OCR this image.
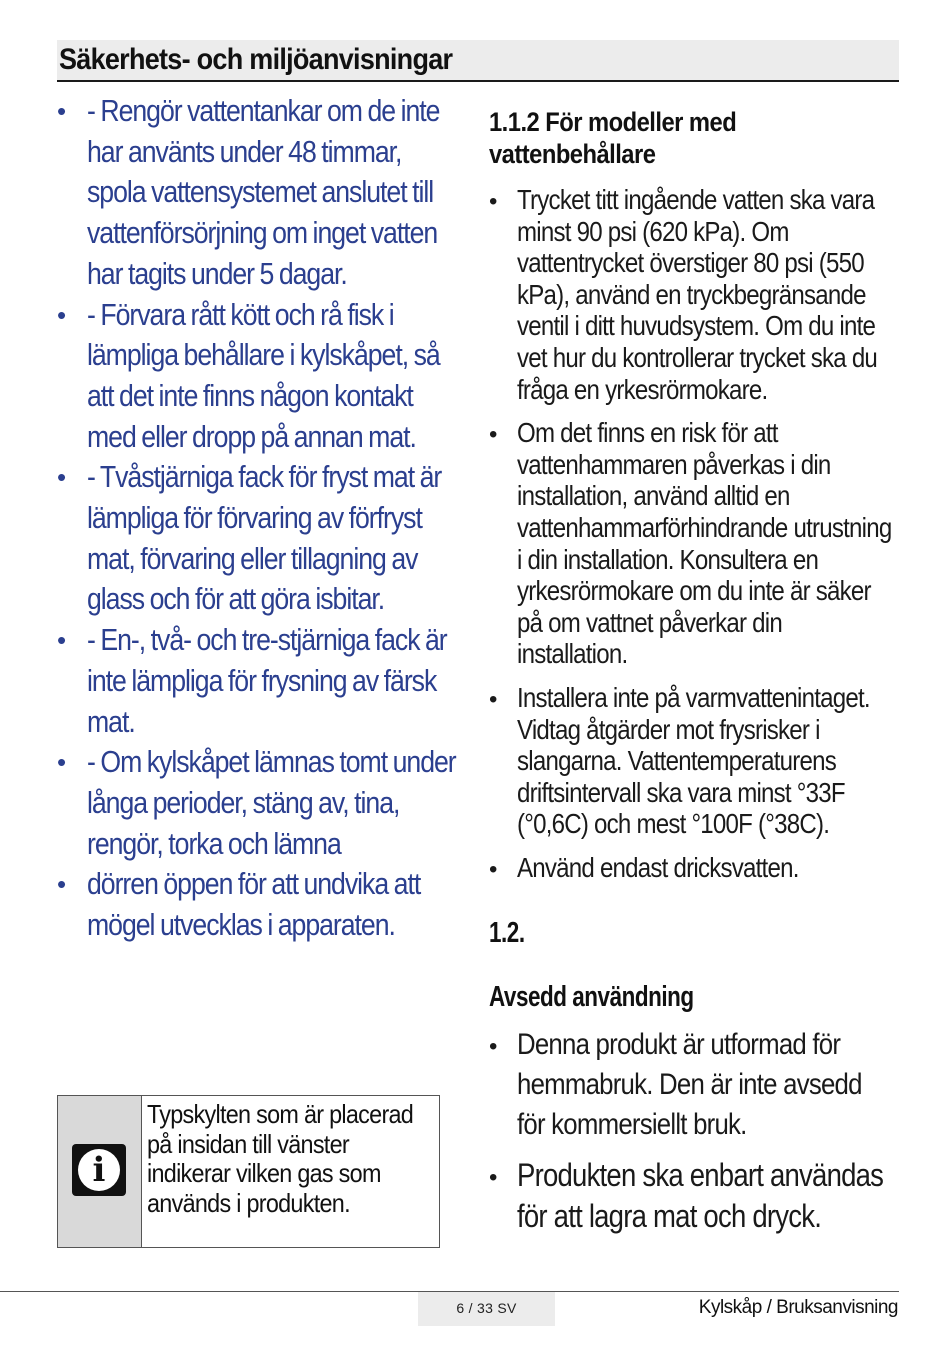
Säkerhets- och miljöanvisningar
• - Rengör vattentankar om de inte har använts under 48 timmar, spola vattensystemet anslutet till vattenförsörjning om inget vatten har tagits under 5 dagar.
• - Förvara rått kött och rå fisk i lämpliga behållare i kylskåpet, så att det inte finns någon kontakt med eller dropp på annan mat.
• - Tvåstjärniga fack för fryst mat är lämpliga för förvaring av förfryst mat, förvaring eller tillagning av glass och för att göra isbitar.
• - En-, två- och tre-stjärniga fack är inte lämpliga för frysning av färsk mat.
• - Om kylskåpet lämnas tomt under långa perioder, stäng av, tina, rengör, torka och lämna
• dörren öppen för att undvika att mögel utvecklas i apparaten.
i
Typskylten som är placerad på insidan till vänster indikerar vilken gas som används i produkten.
1.1.2 För modeller med vattenbehållare
• Trycket titt ingående vatten ska vara minst 90 psi (620 kPa). Om vattentrycket överstiger 80 psi (550 kPa), använd en tryckbegränsande ventil i ditt huvudsystem. Om du inte vet hur du kontrollerar trycket ska du fråga en yrkesrörmokare.
• Om det finns en risk för att vattenhammaren påverkas i din installation, använd alltid en vattenhammarförhindrande utrustning i din installation. Konsultera en yrkesrörmokare om du inte är säker på om vattnet påverkar din installation.
• Installera inte på varmvattenintaget. Vidtag åtgärder mot frysrisker i slangarna. Vattentemperaturens driftsintervall ska vara minst °33F (°0,6C) och mest °100F (°38C).
• Använd endast dricksvatten.
1.2.
Avsedd användning
• Denna produkt är utformad för hemmabruk. Den är inte avsedd för kommersiellt bruk.
• Produkten ska enbart användas för att lagra mat och dryck.
6 / 33 SV	Kylskåp / Bruksanvisning
